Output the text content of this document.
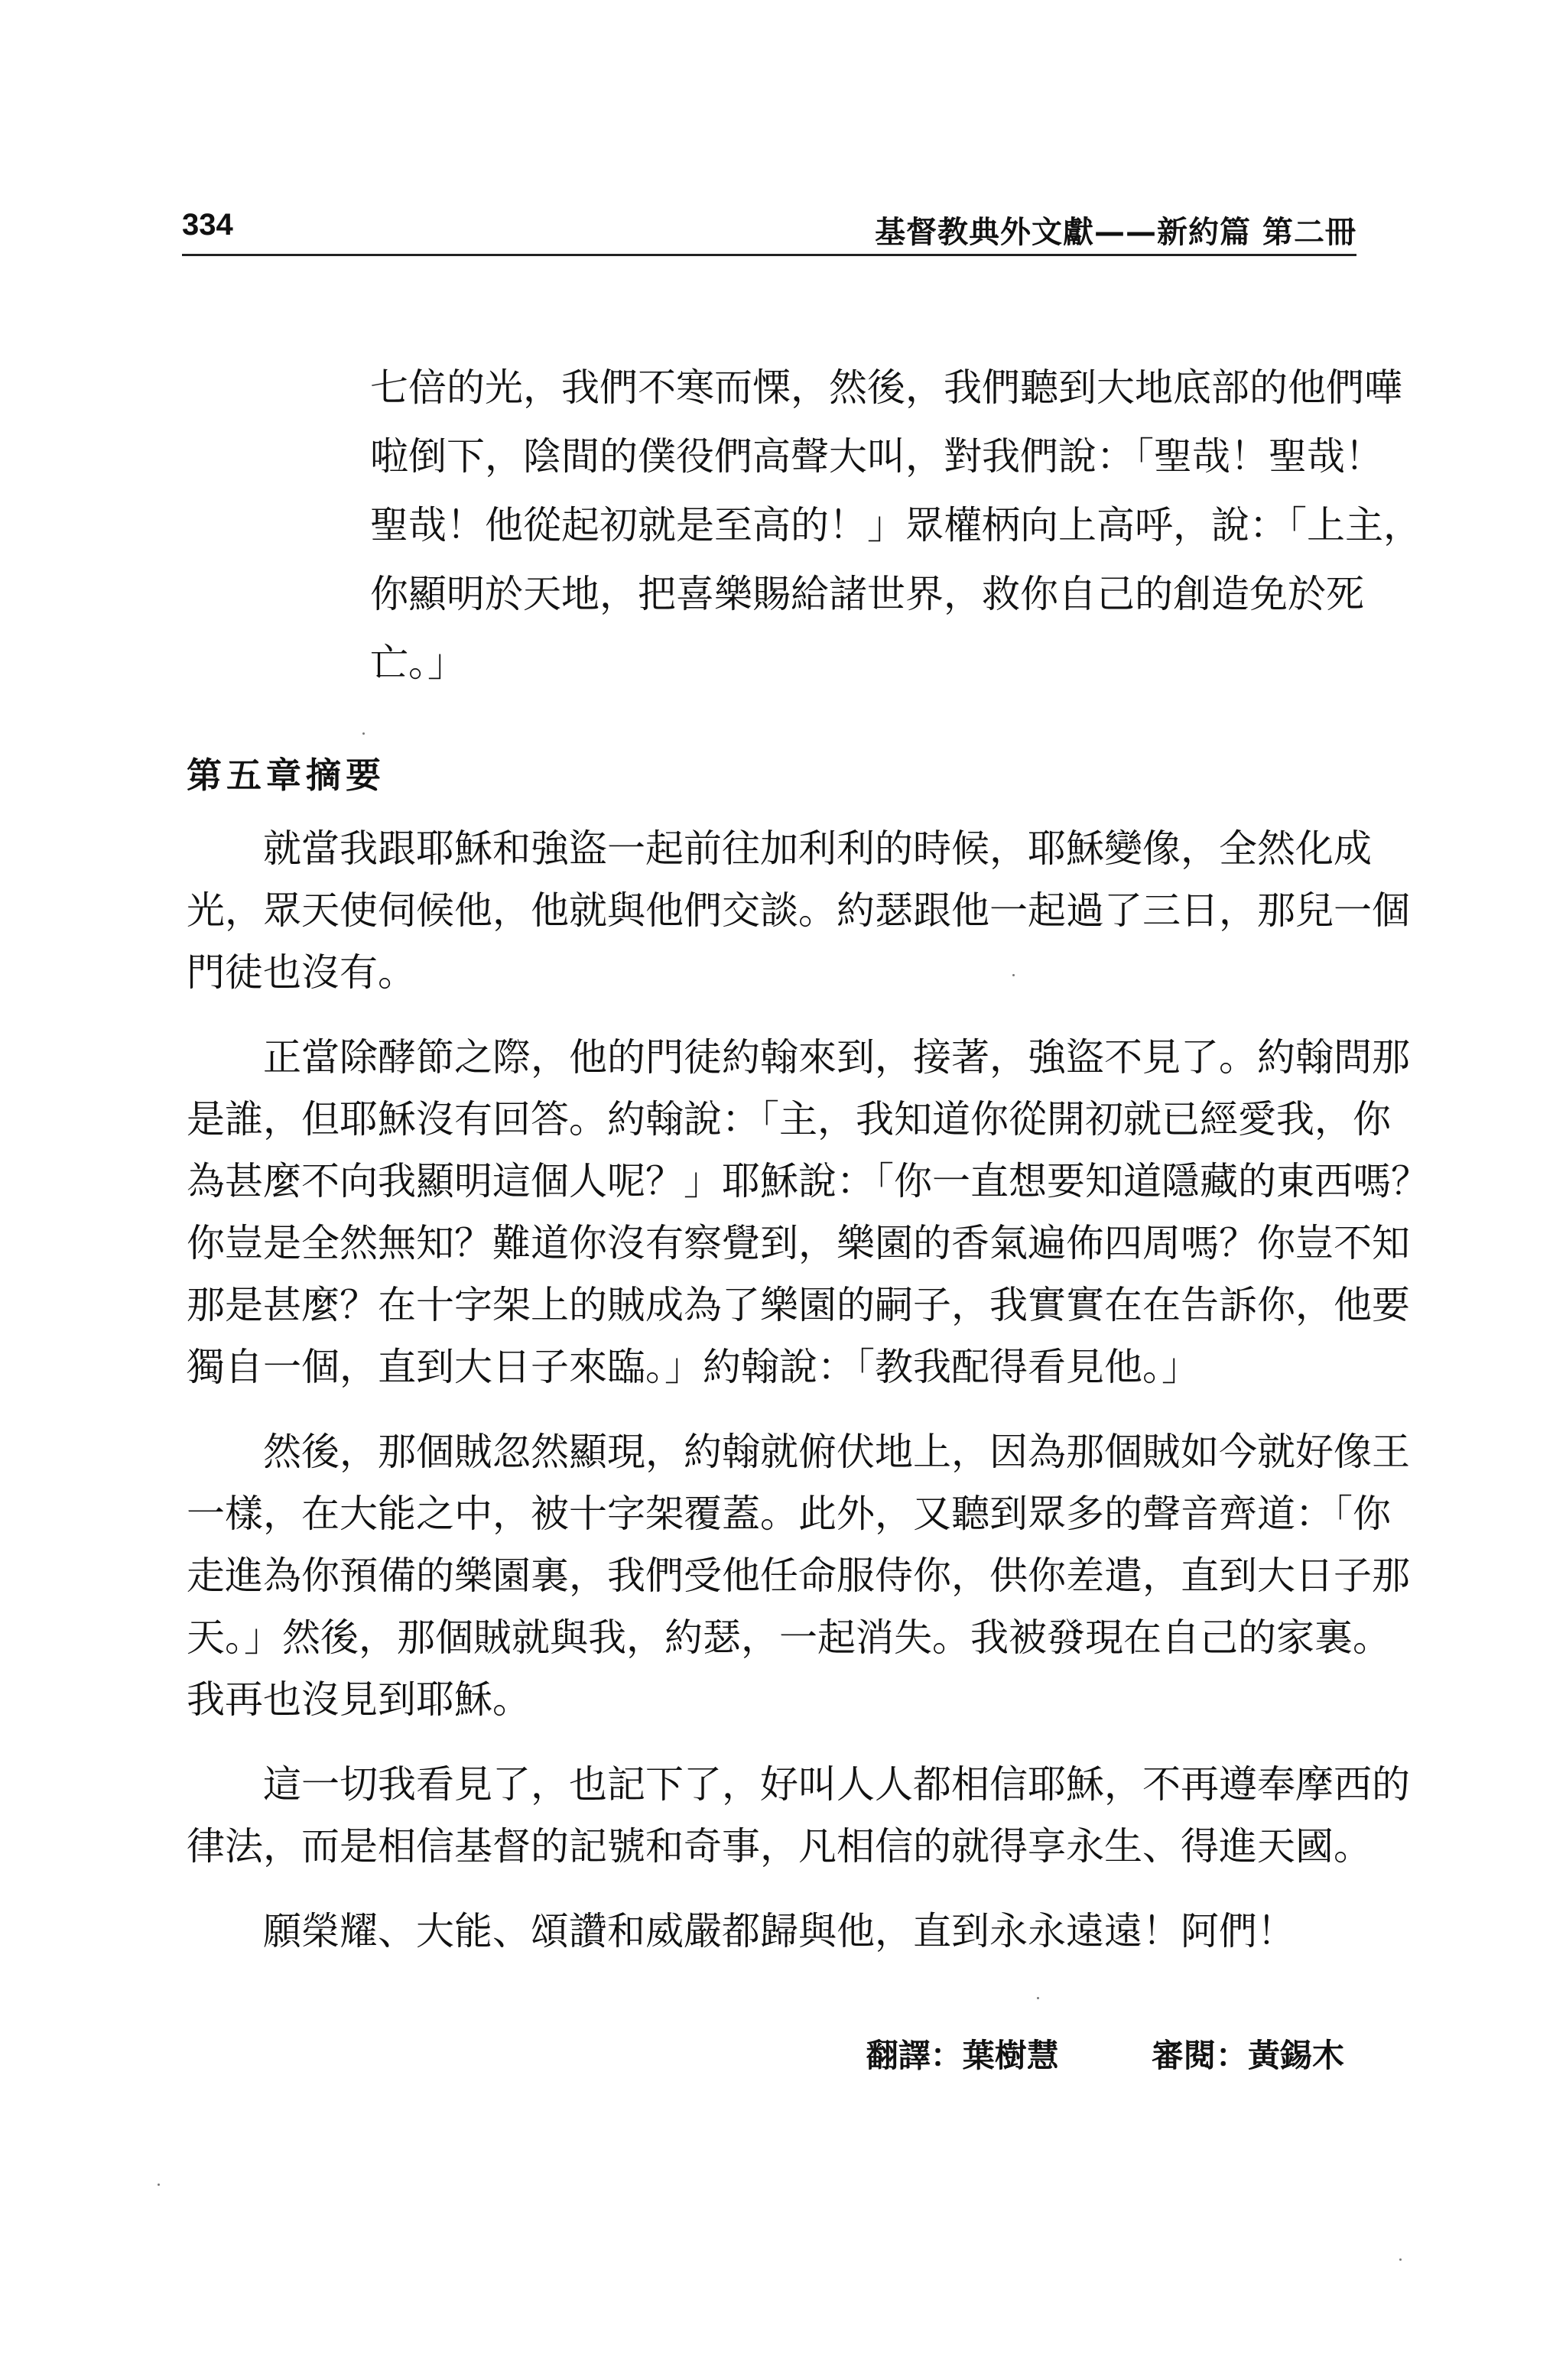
334	基督教典外文獻——新約篇 第二冊
七倍的光，我們不寒而慄，然後，我們聽到大地底部的他們嘩
啦倒下，陰間的僕役們高聲大叫，對我們說：「聖哉！聖哉！
聖哉！他從起初就是至高的！」眾權柄向上高呼，說：「上主，
你顯明於天地，把喜樂賜給諸世界，救你自己的創造免於死
亡。」
第五章摘要
就當我跟耶穌和強盜一起前往加利利的時候，耶穌變像，全然化成
光，眾天使伺候他，他就與他們交談。約瑟跟他一起過了三日，那兒一個
門徒也沒有。
正當除酵節之際，他的門徒約翰來到，接著，強盜不見了。約翰問那
是誰，但耶穌沒有回答。約翰說：「主，我知道你從開初就已經愛我，你
為甚麼不向我顯明這個人呢？」耶穌說：「你一直想要知道隱藏的東西嗎？
你豈是全然無知？難道你沒有察覺到，樂園的香氣遍佈四周嗎？你豈不知
那是甚麼？在十字架上的賊成為了樂園的嗣子，我實實在在告訴你，他要
獨自一個，直到大日子來臨。」約翰說：「教我配得看見他。」
然後，那個賊忽然顯現，約翰就俯伏地上，因為那個賊如今就好像王
一樣，在大能之中，被十字架覆蓋。此外，又聽到眾多的聲音齊道：「你
走進為你預備的樂園裏，我們受他任命服侍你，供你差遣，直到大日子那
天。」然後，那個賊就與我，約瑟，一起消失。我被發現在自己的家裏。
我再也沒見到耶穌。
這一切我看見了，也記下了，好叫人人都相信耶穌，不再遵奉摩西的
律法，而是相信基督的記號和奇事，凡相信的就得享永生、得進天國。
願榮耀、大能、頌讚和威嚴都歸與他，直到永永遠遠！阿們！
翻譯：葉樹慧	審閱：黃錫木
